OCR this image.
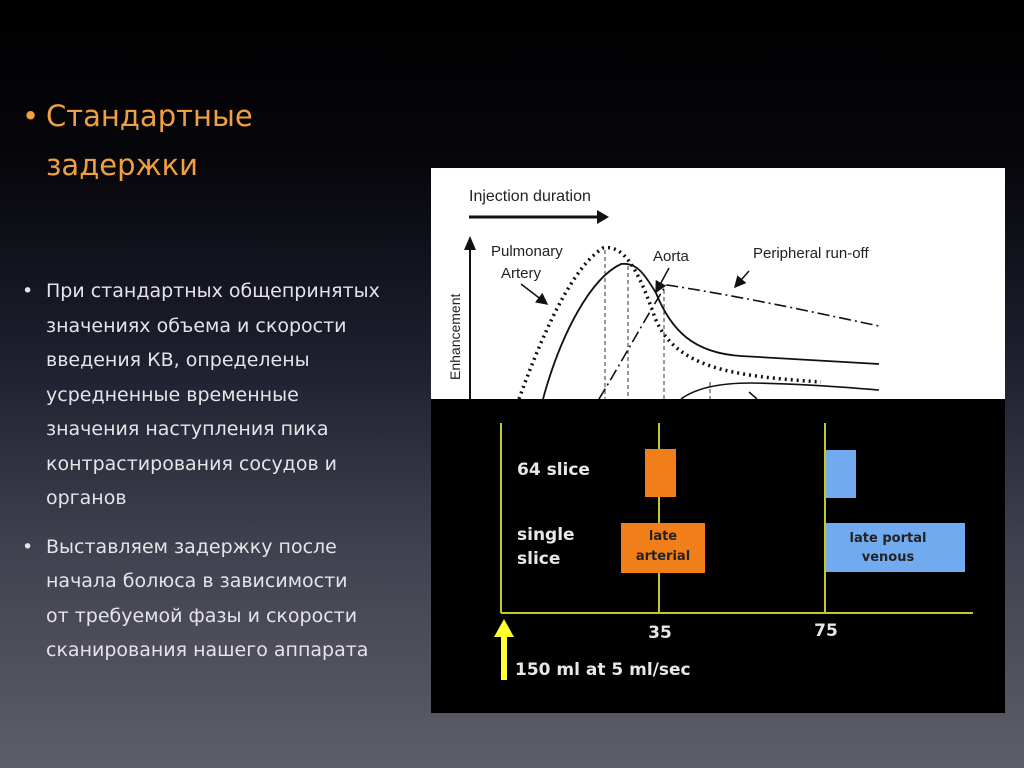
• Стандартные
задержки
• При стандартных общепринятых
значениях объема и скорости
введения КВ, определены
усредненные временные
значения наступления пика
контрастирования сосудов и
органов
• Выставляем задержку после
начала болюса в зависимости
от требуемой фазы и скорости
сканирования нашего аппарата
Injection duration
Enhancement
Pulmonary
Artery
Aorta	Peripheral run-off
64 slice
single
slice
late
arterial
late portal
venous
35	75
150 ml at 5 ml/sec
